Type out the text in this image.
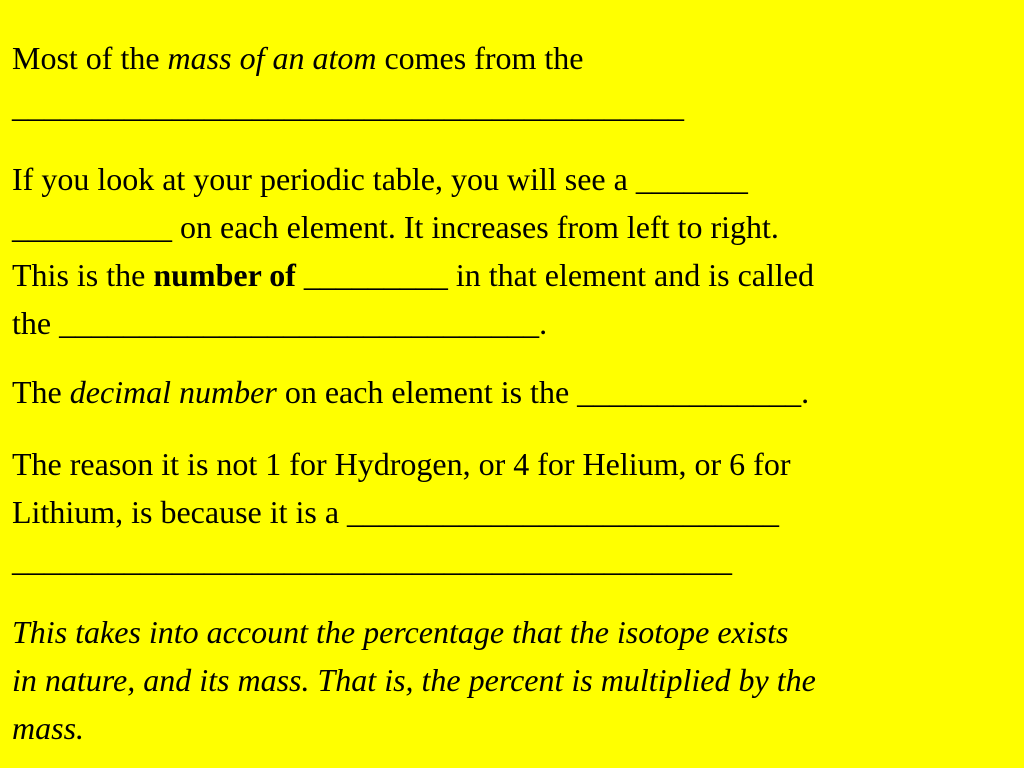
Most of the mass of an atom comes from the
__________________________________________

If you look at your periodic table, you will see a _______
__________ on each element. It increases from left to right.
This is the number of _________ in that element and is called
the ______________________________.

The decimal number on each element is the ______________.

The reason it is not 1 for Hydrogen, or 4 for Helium, or 6 for
Lithium, is because it is a ___________________________
_____________________________________________

This takes into account the percentage that the isotope exists
in nature, and its mass. That is, the percent is multiplied by the
mass.
